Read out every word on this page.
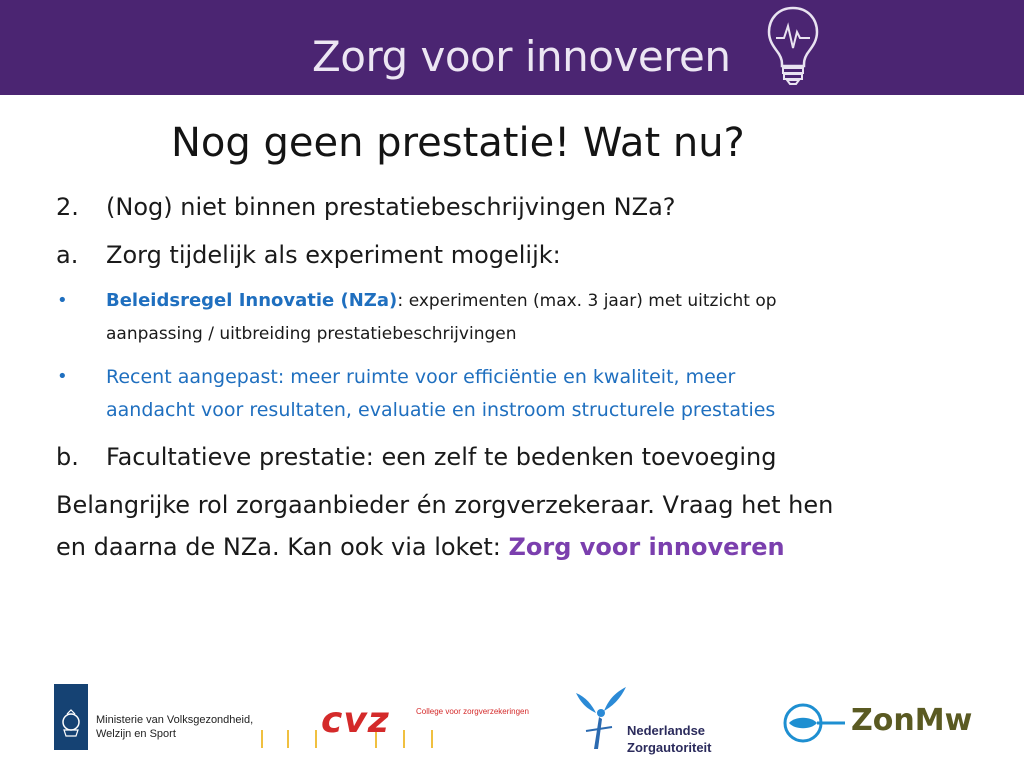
Zorg voor innoveren
Nog geen prestatie! Wat nu?
2. (Nog) niet binnen prestatiebeschrijvingen NZa?
a. Zorg tijdelijk als experiment mogelijk:
• Beleidsregel Innovatie (NZa): experimenten (max. 3 jaar) met uitzicht op
aanpassing / uitbreiding prestatiebeschrijvingen
• Recent aangepast: meer ruimte voor efficiëntie en kwaliteit, meer
aandacht voor resultaten, evaluatie en instroom structurele prestaties
b. Facultatieve prestatie: een zelf te bedenken toevoeging
Belangrijke rol zorgaanbieder én zorgverzekeraar. Vraag het hen
en daarna de NZa. Kan ook via loket: Zorg voor innoveren
Ministerie van Volksgezondheid,
Welzijn en Sport	cvz	College voor zorgverzekeringen
Nederlandse
Zorgautoriteit
ZonMw
